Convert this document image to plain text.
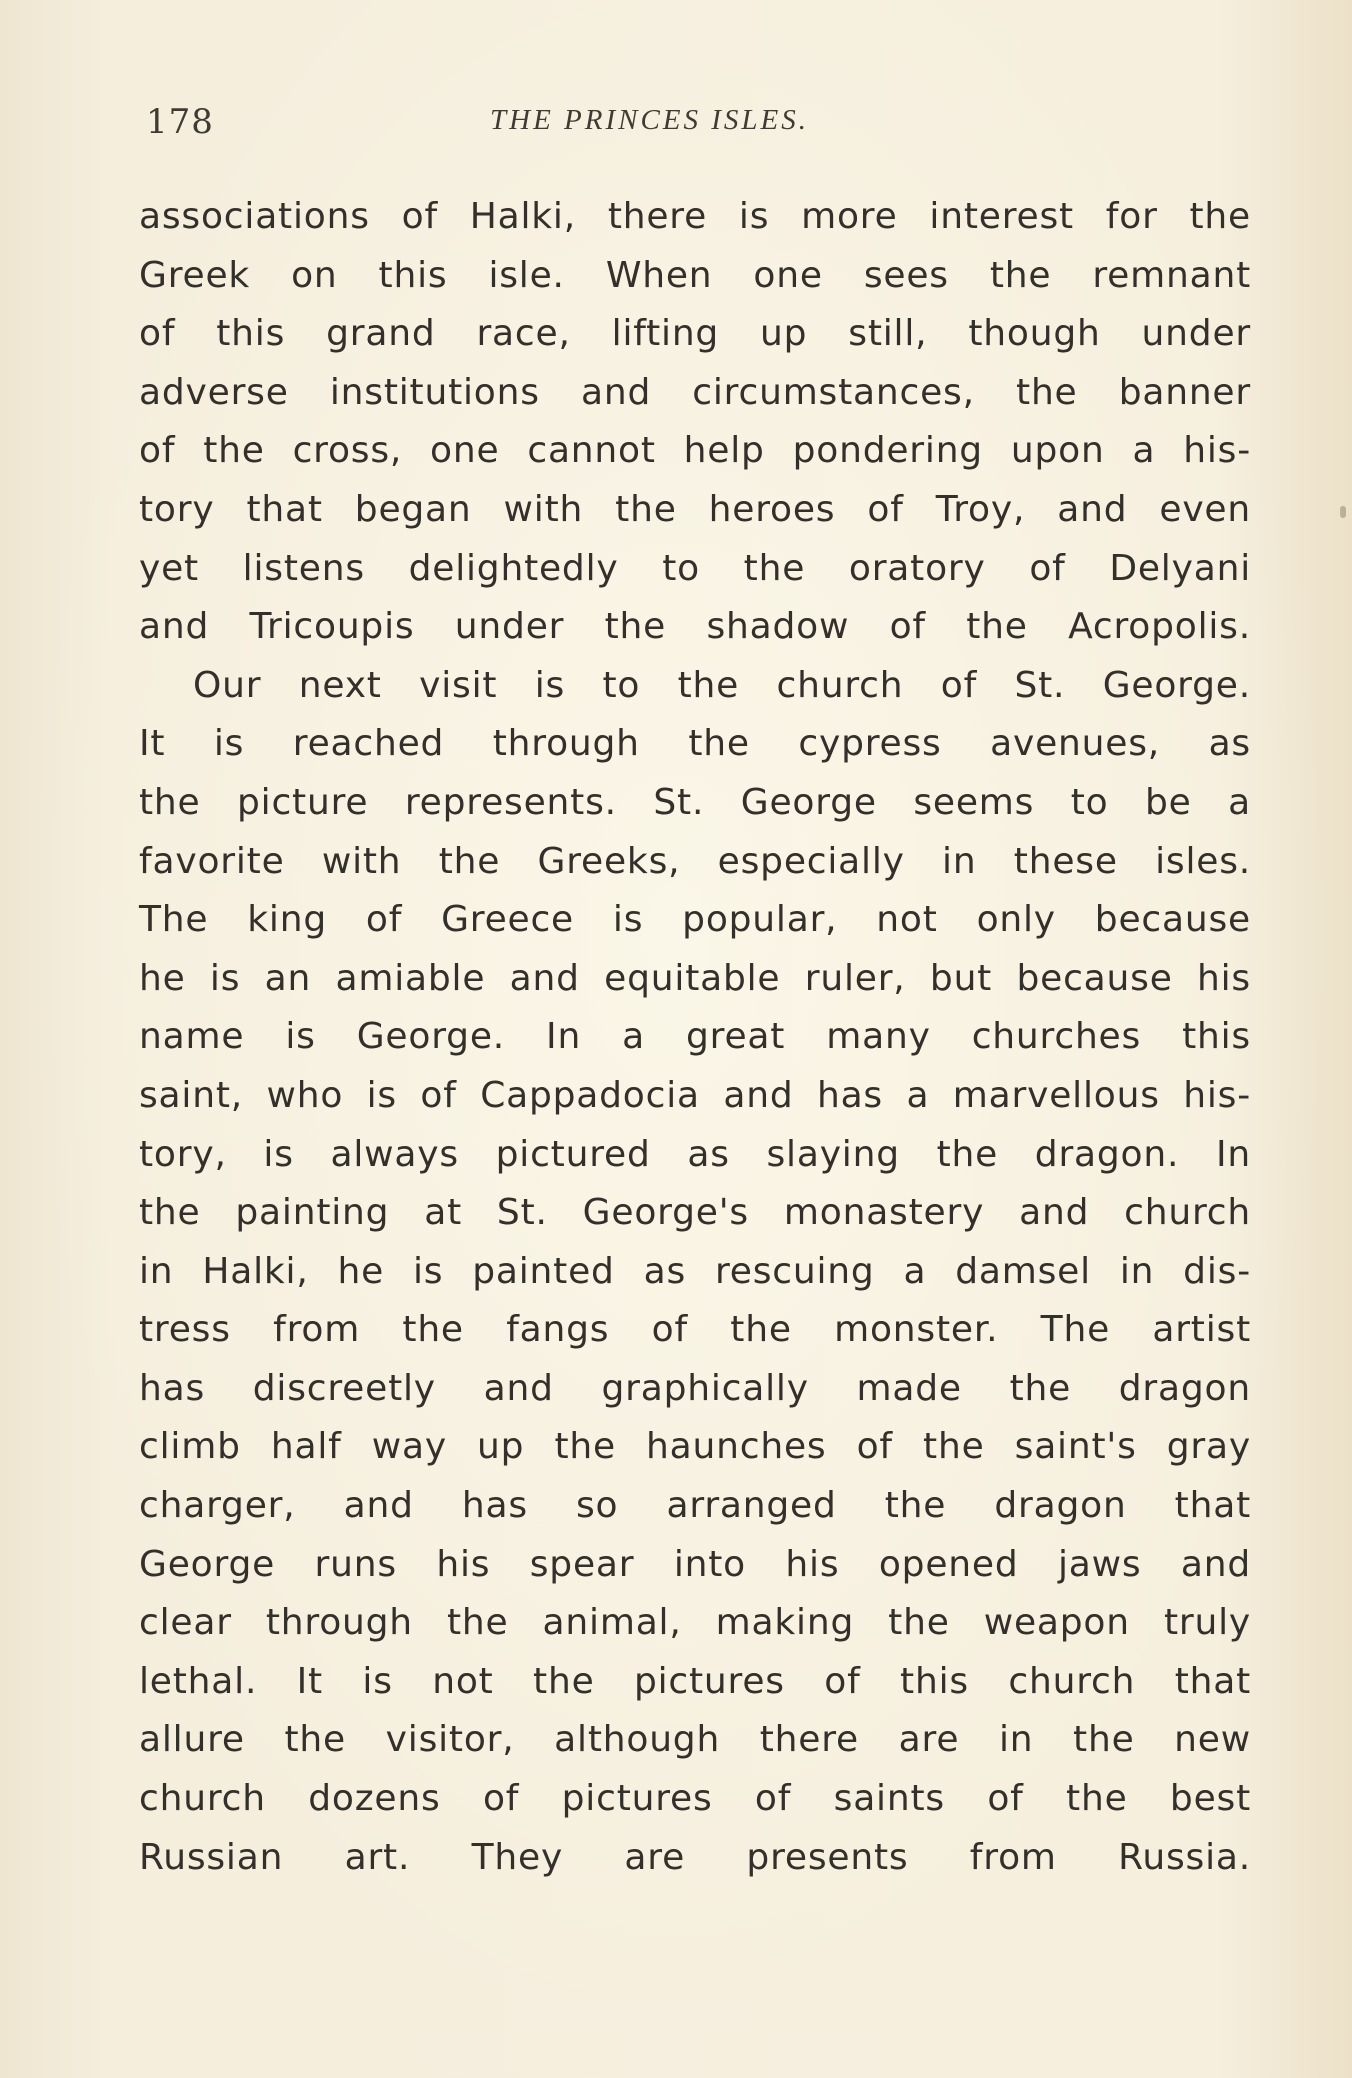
178	THE PRINCES ISLES.
associations of Halki, there is more interest for the
Greek on this isle. When one sees the remnant
of this grand race, lifting up still, though under
adverse institutions and circumstances, the banner
of the cross, one cannot help pondering upon a his-
tory that began with the heroes of Troy, and even
yet listens delightedly to the oratory of Delyani
and Tricoupis under the shadow of the Acropolis.
Our next visit is to the church of St. George.
It is reached through the cypress avenues, as
the picture represents. St. George seems to be a
favorite with the Greeks, especially in these isles.
The king of Greece is popular, not only because
he is an amiable and equitable ruler, but because his
name is George. In a great many churches this
saint, who is of Cappadocia and has a marvellous his-
tory, is always pictured as slaying the dragon. In
the painting at St. George's monastery and church
in Halki, he is painted as rescuing a damsel in dis-
tress from the fangs of the monster. The artist
has discreetly and graphically made the dragon
climb half way up the haunches of the saint's gray
charger, and has so arranged the dragon that
George runs his spear into his opened jaws and
clear through the animal, making the weapon truly
lethal. It is not the pictures of this church that
allure the visitor, although there are in the new
church dozens of pictures of saints of the best
Russian art. They are presents from Russia.
